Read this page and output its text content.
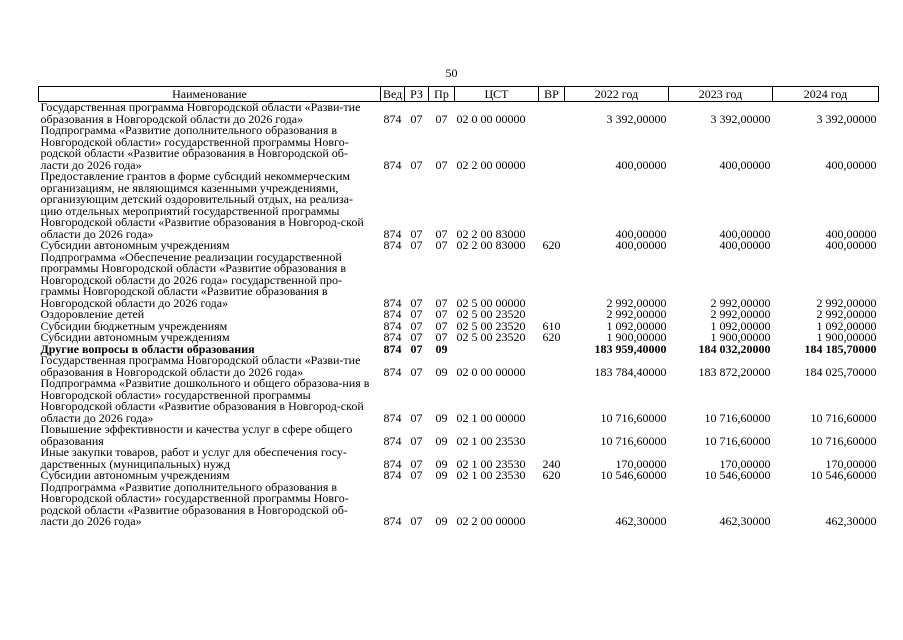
50
Наименование	Вед	РЗ	Пр	ЦСТ	ВР	2022 год	2023 год	2024 год
Государственная программа Новгородской области «Разви-тие образования в Новгородской области до 2026 года»	874	07	07	02 0 00 00000		3 392,00000	3 392,00000	3 392,00000
Подпрограмма «Развитие дополнительного образования в Новгородской области» государственной программы Новго-родской области «Развитие образования в Новгородской об-ласти до 2026 года»	874	07	07	02 2 00 00000		400,00000	400,00000	400,00000
Предоставление грантов в форме субсидий некоммерческим организациям, не являющимся казенными учреждениями, организующим детский оздоровительный отдых, на реализа-цию отдельных мероприятий государственной программы Новгородской области «Развитие образования в Новгород-ской области до 2026 года»	874	07	07	02 2 00 83000		400,00000	400,00000	400,00000
Субсидии автономным учреждениям	874	07	07	02 2 00 83000	620	400,00000	400,00000	400,00000
Подпрограмма «Обеспечение реализации государственной программы Новгородской области «Развитие образования в Новгородской области до 2026 года» государственной про-граммы Новгородской области «Развитие образования в Новгородской области до 2026 года»	874	07	07	02 5 00 00000		2 992,00000	2 992,00000	2 992,00000
Оздоровление детей	874	07	07	02 5 00 23520		2 992,00000	2 992,00000	2 992,00000
Субсидии бюджетным учреждениям	874	07	07	02 5 00 23520	610	1 092,00000	1 092,00000	1 092,00000
Субсидии автономным учреждениям	874	07	07	02 5 00 23520	620	1 900,00000	1 900,00000	1 900,00000
Другие вопросы в области образования	874	07	09			183 959,40000	184 032,20000	184 185,70000
Государственная программа Новгородской области «Разви-тие образования в Новгородской области до 2026 года»	874	07	09	02 0 00 00000		183 784,40000	183 872,20000	184 025,70000
Подпрограмма «Развитие дошкольного и общего образова-ния в Новгородской области» государственной программы Новгородской области «Развитие образования в Новгород-ской области до 2026 года»	874	07	09	02 1 00 00000		10 716,60000	10 716,60000	10 716,60000
Повышение эффективности и качества услуг в сфере общего образования	874	07	09	02 1 00 23530		10 716,60000	10 716,60000	10 716,60000
Иные закупки товаров, работ и услуг для обеспечения госу-дарственных (муниципальных) нужд	874	07	09	02 1 00 23530	240	170,00000	170,00000	170,00000
Субсидии автономным учреждениям	874	07	09	02 1 00 23530	620	10 546,60000	10 546,60000	10 546,60000
Подпрограмма «Развитие дополнительного образования в Новгородской области» государственной программы Новго-родской области «Развитие образования в Новгородской об-ласти до 2026 года»	874	07	09	02 2 00 00000		462,30000	462,30000	462,30000
